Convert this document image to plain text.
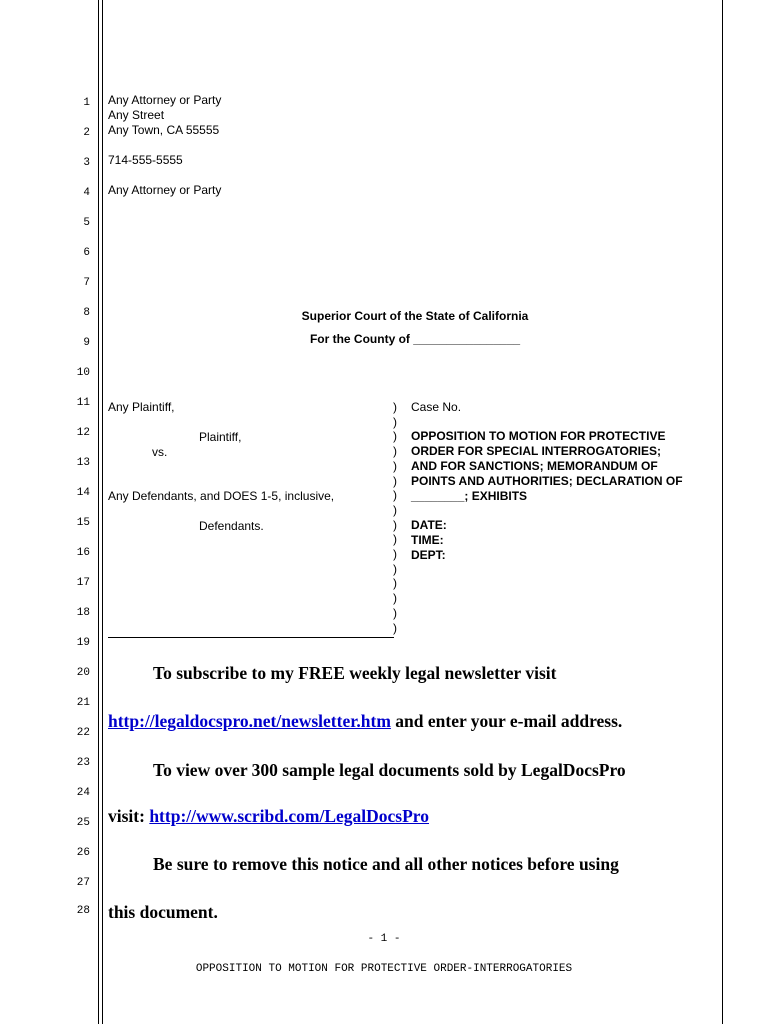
1
2
3
4
5
6
7
8
9
10
11
12
13
14
15
16
17
18
19
20
21
22
23
24
25
26
27
28
Any Attorney or Party
Any Street
Any Town, CA 55555
714-555-5555
Any Attorney or Party
Superior Court of the State of California
For the County of ________________
Any Plaintiff,
Plaintiff,
vs.
Any Defendants, and DOES 1-5, inclusive,
Defendants.
)
)
)
)
)
)
)
)
)
)
)
)
)
)
)
)
Case No.
OPPOSITION TO MOTION FOR PROTECTIVE
ORDER FOR SPECIAL INTERROGATORIES;
AND FOR SANCTIONS; MEMORANDUM OF
POINTS AND AUTHORITIES; DECLARATION OF
________; EXHIBITS
DATE:
TIME:
DEPT:
To subscribe to my FREE weekly legal newsletter visit
http://legaldocspro.net/newsletter.htm and enter your e-mail address.
To view over 300 sample legal documents sold by LegalDocsPro
visit: http://www.scribd.com/LegalDocsPro
Be sure to remove this notice and all other notices before using
this document.
- 1 -
OPPOSITION TO MOTION FOR PROTECTIVE ORDER-INTERROGATORIES
